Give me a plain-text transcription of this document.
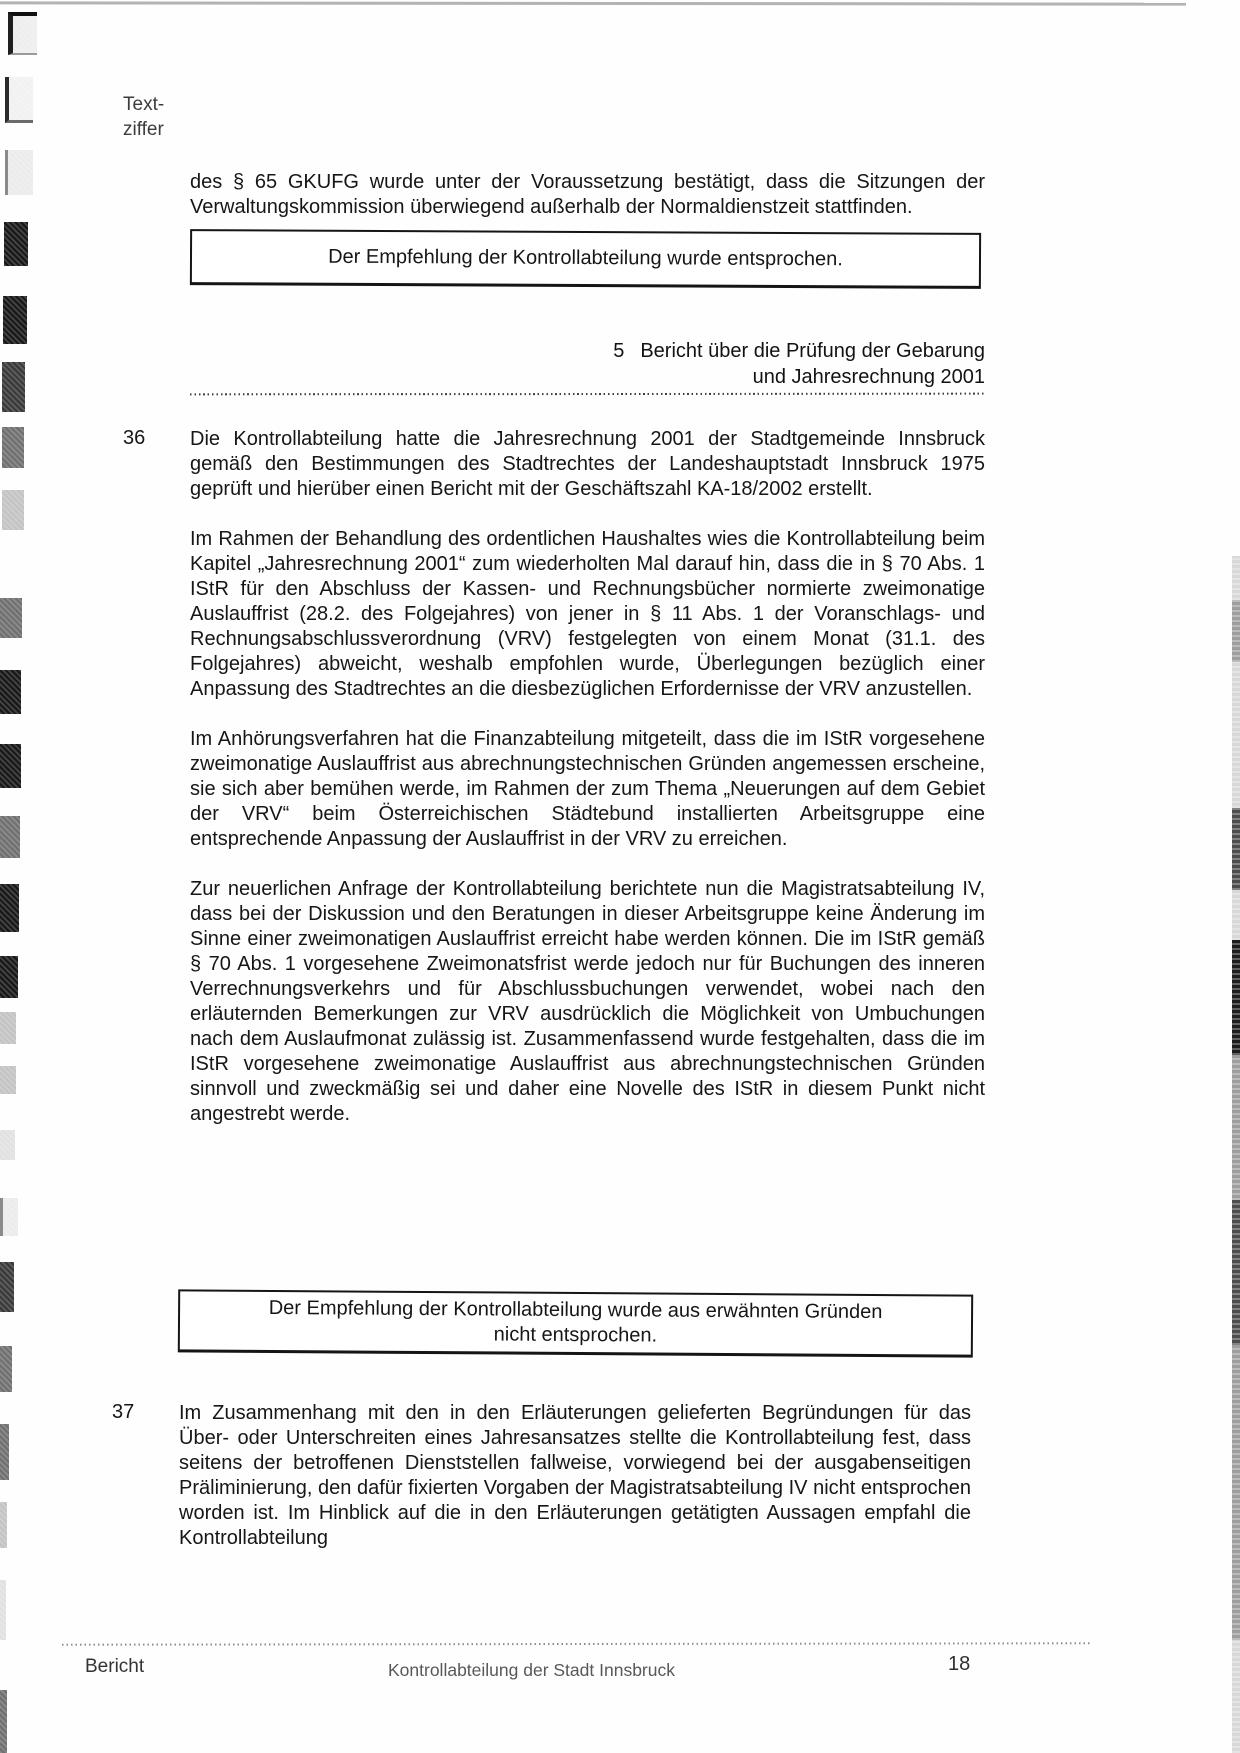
Text-
ziffer
des § 65 GKUFG wurde unter der Voraussetzung bestätigt, dass die Sitzungen der Verwaltungskommission überwiegend außerhalb der Normaldienstzeit stattfinden.
Der Empfehlung der Kontrollabteilung wurde entsprochen.
5 Bericht über die Prüfung der Gebarung
und Jahresrechnung 2001
36 Die Kontrollabteilung hatte die Jahresrechnung 2001 der Stadtgemeinde Innsbruck gemäß den Bestimmungen des Stadtrechtes der Landeshauptstadt Innsbruck 1975 geprüft und hierüber einen Bericht mit der Geschäftszahl KA-18/2002 erstellt.

Im Rahmen der Behandlung des ordentlichen Haushaltes wies die Kontrollabteilung beim Kapitel „Jahresrechnung 2001“ zum wiederholten Mal darauf hin, dass die in § 70 Abs. 1 IStR für den Abschluss der Kassen- und Rechnungsbücher normierte zweimonatige Auslauffrist (28.2. des Folgejahres) von jener in § 11 Abs. 1 der Voranschlags- und Rechnungsabschlussverordnung (VRV) festgelegten von einem Monat (31.1. des Folgejahres) abweicht, weshalb empfohlen wurde, Überlegungen bezüglich einer Anpassung des Stadtrechtes an die diesbezüglichen Erfordernisse der VRV anzustellen.

Im Anhörungsverfahren hat die Finanzabteilung mitgeteilt, dass die im IStR vorgesehene zweimonatige Auslauffrist aus abrechnungstechnischen Gründen angemessen erscheine, sie sich aber bemühen werde, im Rahmen der zum Thema „Neuerungen auf dem Gebiet der VRV“ beim Österreichischen Städtebund installierten Arbeitsgruppe eine entsprechende Anpassung der Auslauffrist in der VRV zu erreichen.

Zur neuerlichen Anfrage der Kontrollabteilung berichtete nun die Magistratsabteilung IV, dass bei der Diskussion und den Beratungen in dieser Arbeitsgruppe keine Änderung im Sinne einer zweimonatigen Auslauffrist erreicht habe werden können. Die im IStR gemäß § 70 Abs. 1 vorgesehene Zweimonatsfrist werde jedoch nur für Buchungen des inneren Verrechnungsverkehrs und für Abschlussbuchungen verwendet, wobei nach den erläuternden Bemerkungen zur VRV ausdrücklich die Möglichkeit von Umbuchungen nach dem Auslaufmonat zulässig ist. Zusammenfassend wurde festgehalten, dass die im IStR vorgesehene zweimonatige Auslauffrist aus abrechnungstechnischen Gründen sinnvoll und zweckmäßig sei und daher eine Novelle des IStR in diesem Punkt nicht angestrebt werde.

Der Empfehlung der Kontrollabteilung wurde aus erwähnten Gründen
nicht entsprochen.
37 Im Zusammenhang mit den in den Erläuterungen gelieferten Begründungen für das Über- oder Unterschreiten eines Jahresansatzes stellte die Kontrollabteilung fest, dass seitens der betroffenen Dienststellen fallweise, vorwiegend bei der ausgabenseitigen Präliminierung, den dafür fixierten Vorgaben der Magistratsabteilung IV nicht entsprochen worden ist. Im Hinblick auf die in den Erläuterungen getätigten Aussagen empfahl die Kontrollabteilung

Bericht	Kontrollabteilung der Stadt Innsbruck	18
